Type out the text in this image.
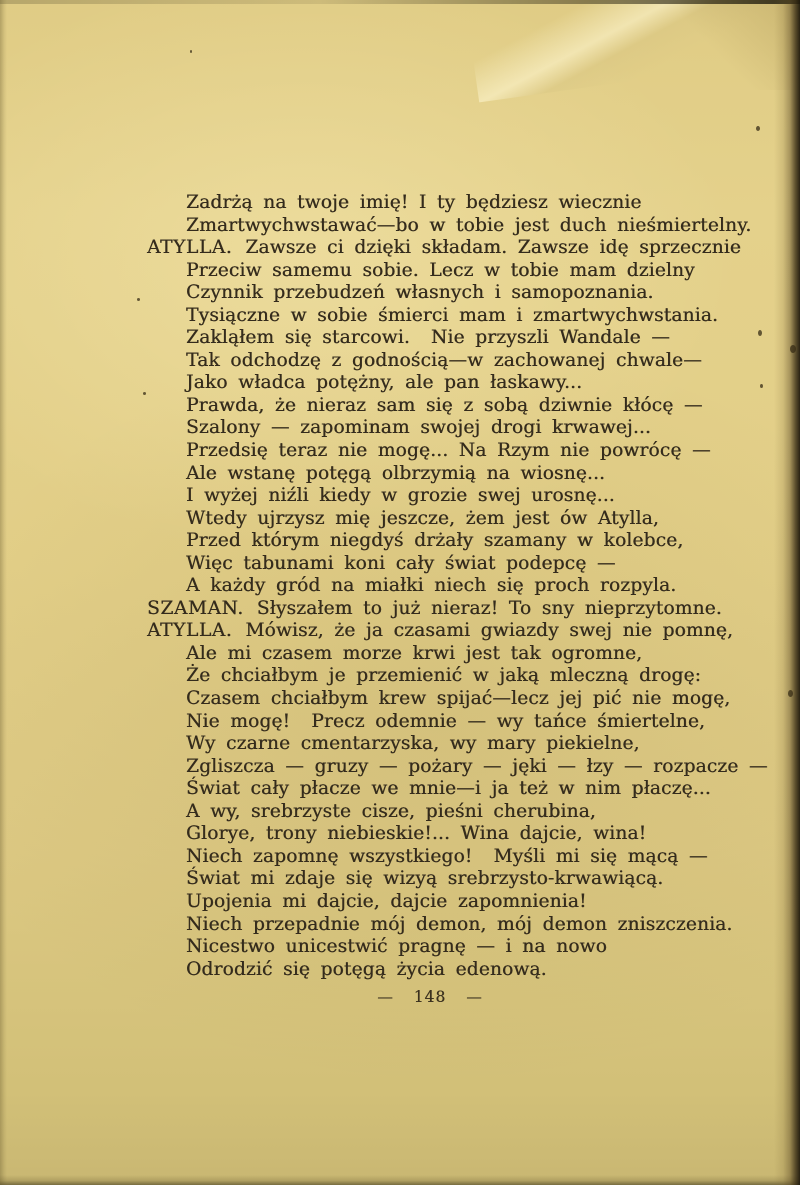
Zadrżą na twoje imię! I ty będziesz wiecznie
Zmartwychwstawać—bo w tobie jest duch nieśmiertelny.
ATYLLA. Zawsze ci dzięki składam. Zawsze idę sprzecznie
Przeciw samemu sobie. Lecz w tobie mam dzielny
Czynnik przebudzeń własnych i samopoznania.
Tysiączne w sobie śmierci mam i zmartwychwstania.
Zakląłem się starcowi.  Nie przyszli Wandale —
Tak odchodzę z godnością—w zachowanej chwale—
Jako władca potężny, ale pan łaskawy...
Prawda, że nieraz sam się z sobą dziwnie kłócę —
Szalony — zapominam swojej drogi krwawej...
Przedsię teraz nie mogę... Na Rzym nie powrócę —
Ale wstanę potęgą olbrzymią na wiosnę...
I wyżej niźli kiedy w grozie swej urosnę...
Wtedy ujrzysz mię jeszcze, żem jest ów Atylla,
Przed którym niegdyś drżały szamany w kolebce,
Więc tabunami koni cały świat podepcę —
A każdy gród na miałki niech się proch rozpyla.
SZAMAN. Słyszałem to już nieraz! To sny nieprzytomne.
ATYLLA. Mówisz, że ja czasami gwiazdy swej nie pomnę,
Ale mi czasem morze krwi jest tak ogromne,
Że chciałbym je przemienić w jaką mleczną drogę:
Czasem chciałbym krew spijać—lecz jej pić nie mogę,
Nie mogę!  Precz odemnie — wy tańce śmiertelne,
Wy czarne cmentarzyska, wy mary piekielne,
Zgliszcza — gruzy — pożary — jęki — łzy — rozpacze —
Świat cały płacze we mnie—i ja też w nim płaczę...
A wy, srebrzyste cisze, pieśni cherubina,
Glorye, trony niebieskie!... Wina dajcie, wina!
Niech zapomnę wszystkiego!  Myśli mi się mącą —
Świat mi zdaje się wizyą srebrzysto-krwawiącą.
Upojenia mi dajcie, dajcie zapomnienia!
Niech przepadnie mój demon, mój demon zniszczenia.
Nicestwo unicestwić pragnę — i na nowo
Odrodzić się potęgą życia edenową.
— 148 —
